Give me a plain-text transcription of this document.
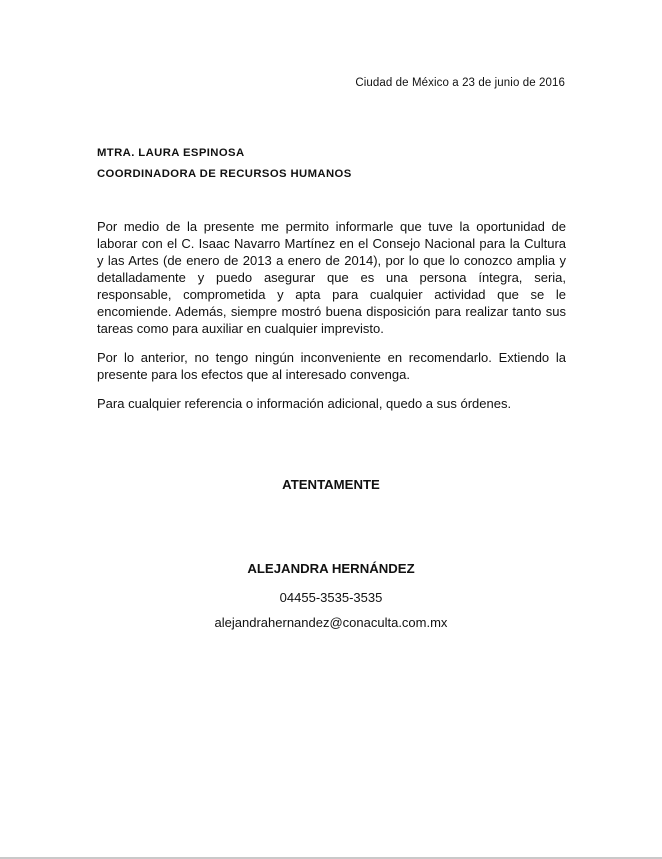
Ciudad de México a 23 de junio de 2016
MTRA. LAURA ESPINOSA
COORDINADORA DE RECURSOS HUMANOS

Por medio de la presente me permito informarle que tuve la oportunidad de laborar con el C. Isaac Navarro Martínez en el Consejo Nacional para la Cultura y las Artes (de enero de 2013 a enero de 2014), por lo que lo conozco amplia y detalladamente y puedo asegurar que es una persona íntegra, seria, responsable, comprometida y apta para cualquier actividad que se le encomiende. Además, siempre mostró buena disposición para realizar tanto sus tareas como para auxiliar en cualquier imprevisto.

Por lo anterior, no tengo ningún inconveniente en recomendarlo. Extiendo la presente para los efectos que al interesado convenga.

Para cualquier referencia o información adicional, quedo a sus órdenes.

ATENTAMENTE
ALEJANDRA HERNÁNDEZ
04455-3535-3535
alejandrahernandez@conaculta.com.mx
